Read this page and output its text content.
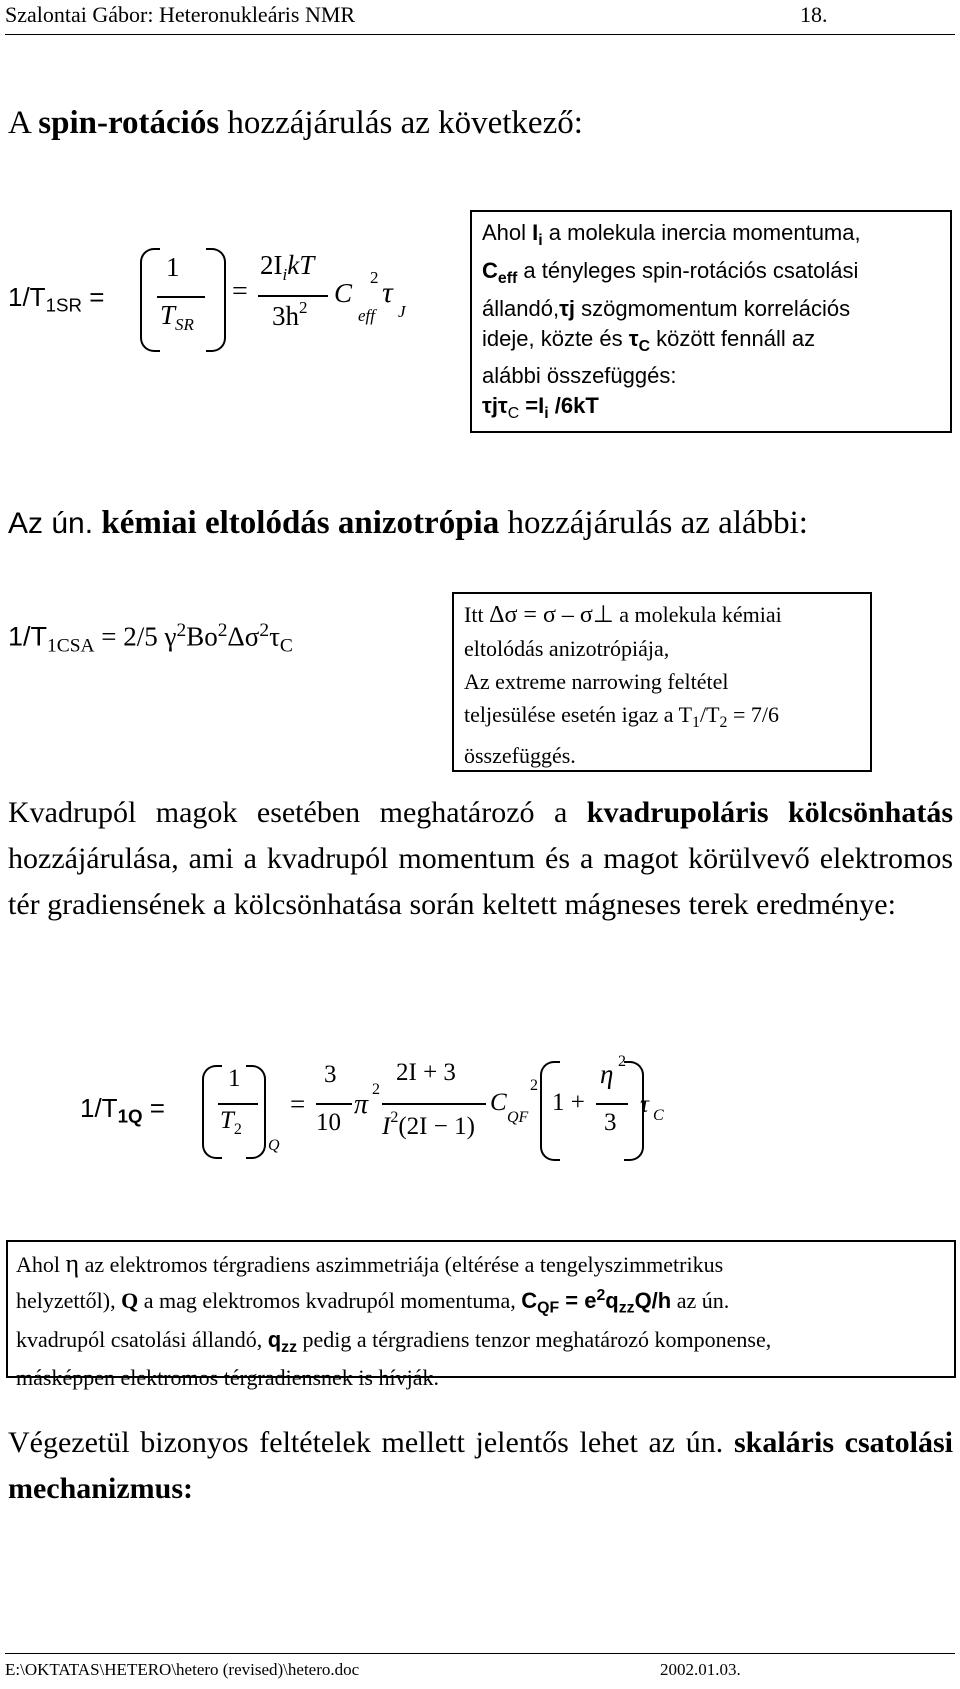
Szalontai Gábor: Heteronukleáris NMR	18.
A spin-rotációs hozzájárulás az következő:
$1/T_{1SR}$ =
1
$T_{SR}$
=
$2I_ikT$
$3h^2$ C
2
eff
τ
J
Ahol $I_i$ a molekula inercia momentuma,
$C_{eff}$ a tényleges spin-rotációs csatolási
állandó,τj szögmomentum korrelációs
ideje, közte és $\tau_C$ között fennáll az
alábbi összefüggés:
$\tau j\tau_C =I_i$ /6kT
Az ún. kémiai eltolódás anizotrópia hozzájárulás az alábbi:
$1/T_{1CSA} = 2/5$ $\gamma^2Bo^2\Delta\sigma^2\tau_C$
Itt Δσ = σ – σ⊥ a molekula kémiai
eltolódás anizotrópiája,
Az extreme narrowing feltétel
teljesülése esetén igaz a $T_1/T_2 = 7/6$
összefüggés.
Kvadrupól magok esetében meghatározó a kvadrupoláris kölcsönhatás hozzájárulása, ami a kvadrupól momentum és a magot körülvevő elektromos tér gradiensének a kölcsönhatása során keltett mágneses terek eredménye:
$1/T_{1Q}$ =
1
$T_2$
Q
=
3
10
π 2
2I + 3
$I^2(2I - 1)$
C
2
QF
1 +
η 2
3
τ C
Ahol η az elektromos térgradiens aszimmetriája (eltérése a tengelyszimmetrikus
helyzettől), Q a mag elektromos kvadrupól momentuma, $C_{QF} = e^2q_{zz}Q/h$ az ún.
kvadrupól csatolási állandó, $q_{zz}$ pedig a térgradiens tenzor meghatározó komponense,
másképpen elektromos térgradiensnek is hívják.
Végezetül bizonyos feltételek mellett jelentős lehet az ún. skaláris csatolási mechanizmus:
E:\OKTATAS\HETERO\hetero (revised)\hetero.doc	2002.01.03.
